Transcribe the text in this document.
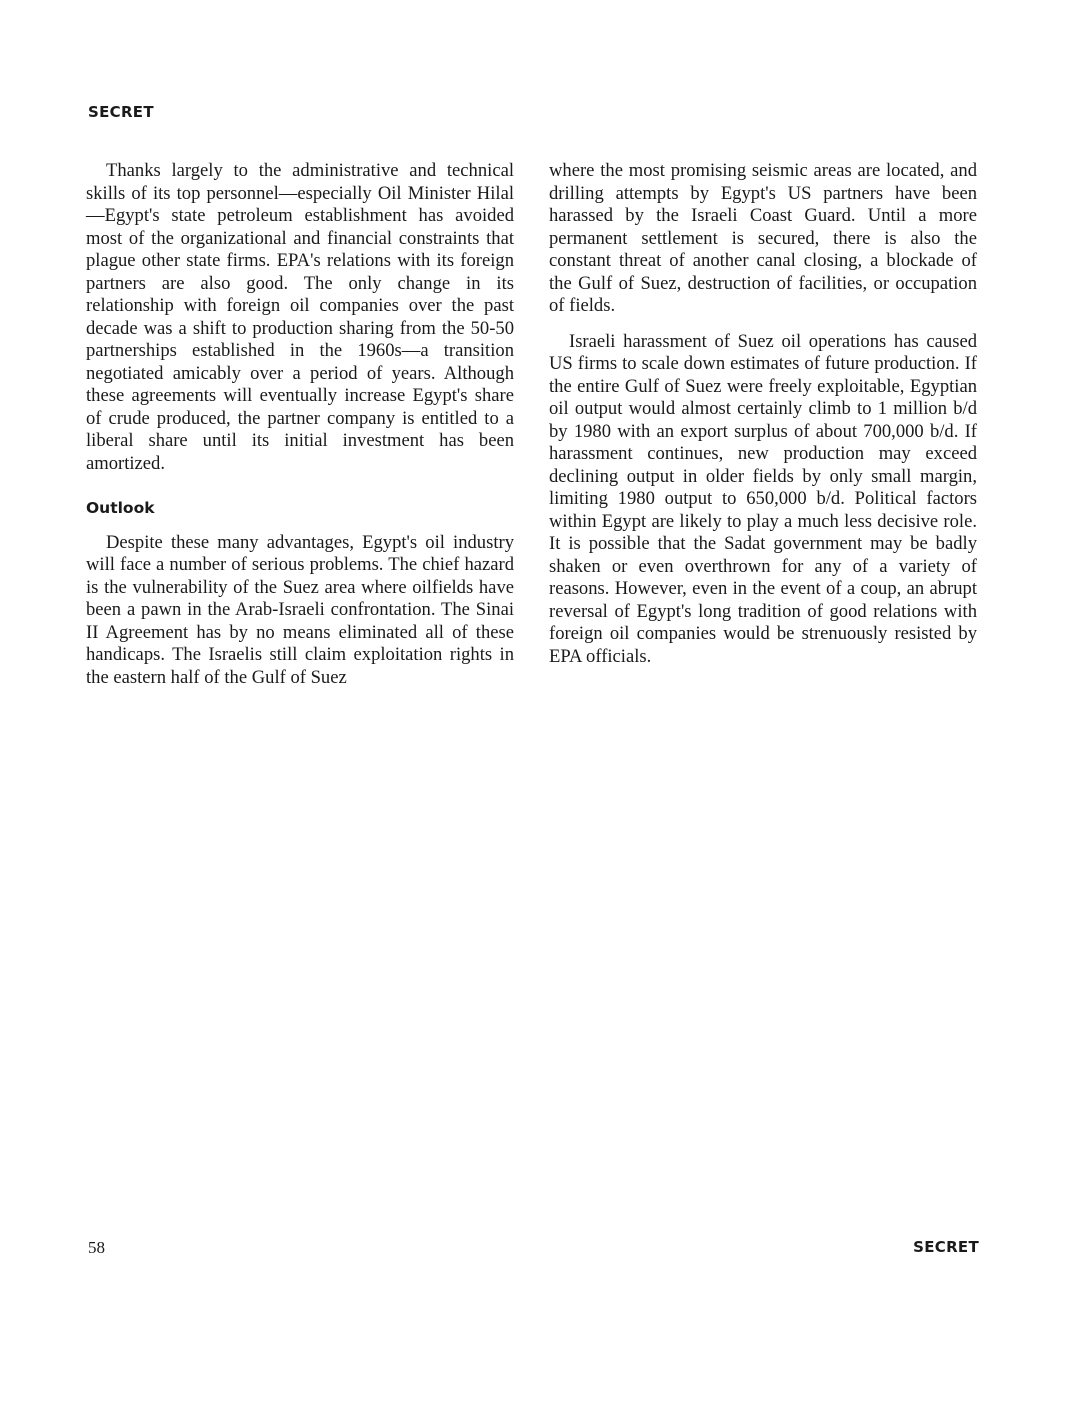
SECRET

Thanks largely to the administrative and technical skills of its top personnel—especially Oil Minister Hilal—Egypt's state petroleum establishment has avoided most of the organizational and financial constraints that plague other state firms. EPA's relations with its foreign partners are also good. The only change in its relationship with foreign oil companies over the past decade was a shift to production sharing from the 50-50 partnerships established in the 1960s—a transition negotiated amicably over a period of years. Although these agreements will eventually increase Egypt's share of crude produced, the partner company is entitled to a liberal share until its initial investment has been amortized.

Outlook

Despite these many advantages, Egypt's oil industry will face a number of serious problems. The chief hazard is the vulnerability of the Suez area where oilfields have been a pawn in the Arab-Israeli confrontation. The Sinai II Agreement has by no means eliminated all of these handicaps. The Israelis still claim exploitation rights in the eastern half of the Gulf of Suez

where the most promising seismic areas are located, and drilling attempts by Egypt's US partners have been harassed by the Israeli Coast Guard. Until a more permanent settlement is secured, there is also the constant threat of another canal closing, a blockade of the Gulf of Suez, destruction of facilities, or occupation of fields.

Israeli harassment of Suez oil operations has caused US firms to scale down estimates of future production. If the entire Gulf of Suez were freely exploitable, Egyptian oil output would almost certainly climb to 1 million b/d by 1980 with an export surplus of about 700,000 b/d. If harassment continues, new production may exceed declining output in older fields by only small margin, limiting 1980 output to 650,000 b/d. Political factors within Egypt are likely to play a much less decisive role. It is possible that the Sadat government may be badly shaken or even overthrown for any of a variety of reasons. However, even in the event of a coup, an abrupt reversal of Egypt's long tradition of good relations with foreign oil companies would be strenuously resisted by EPA officials.

58	SECRET
